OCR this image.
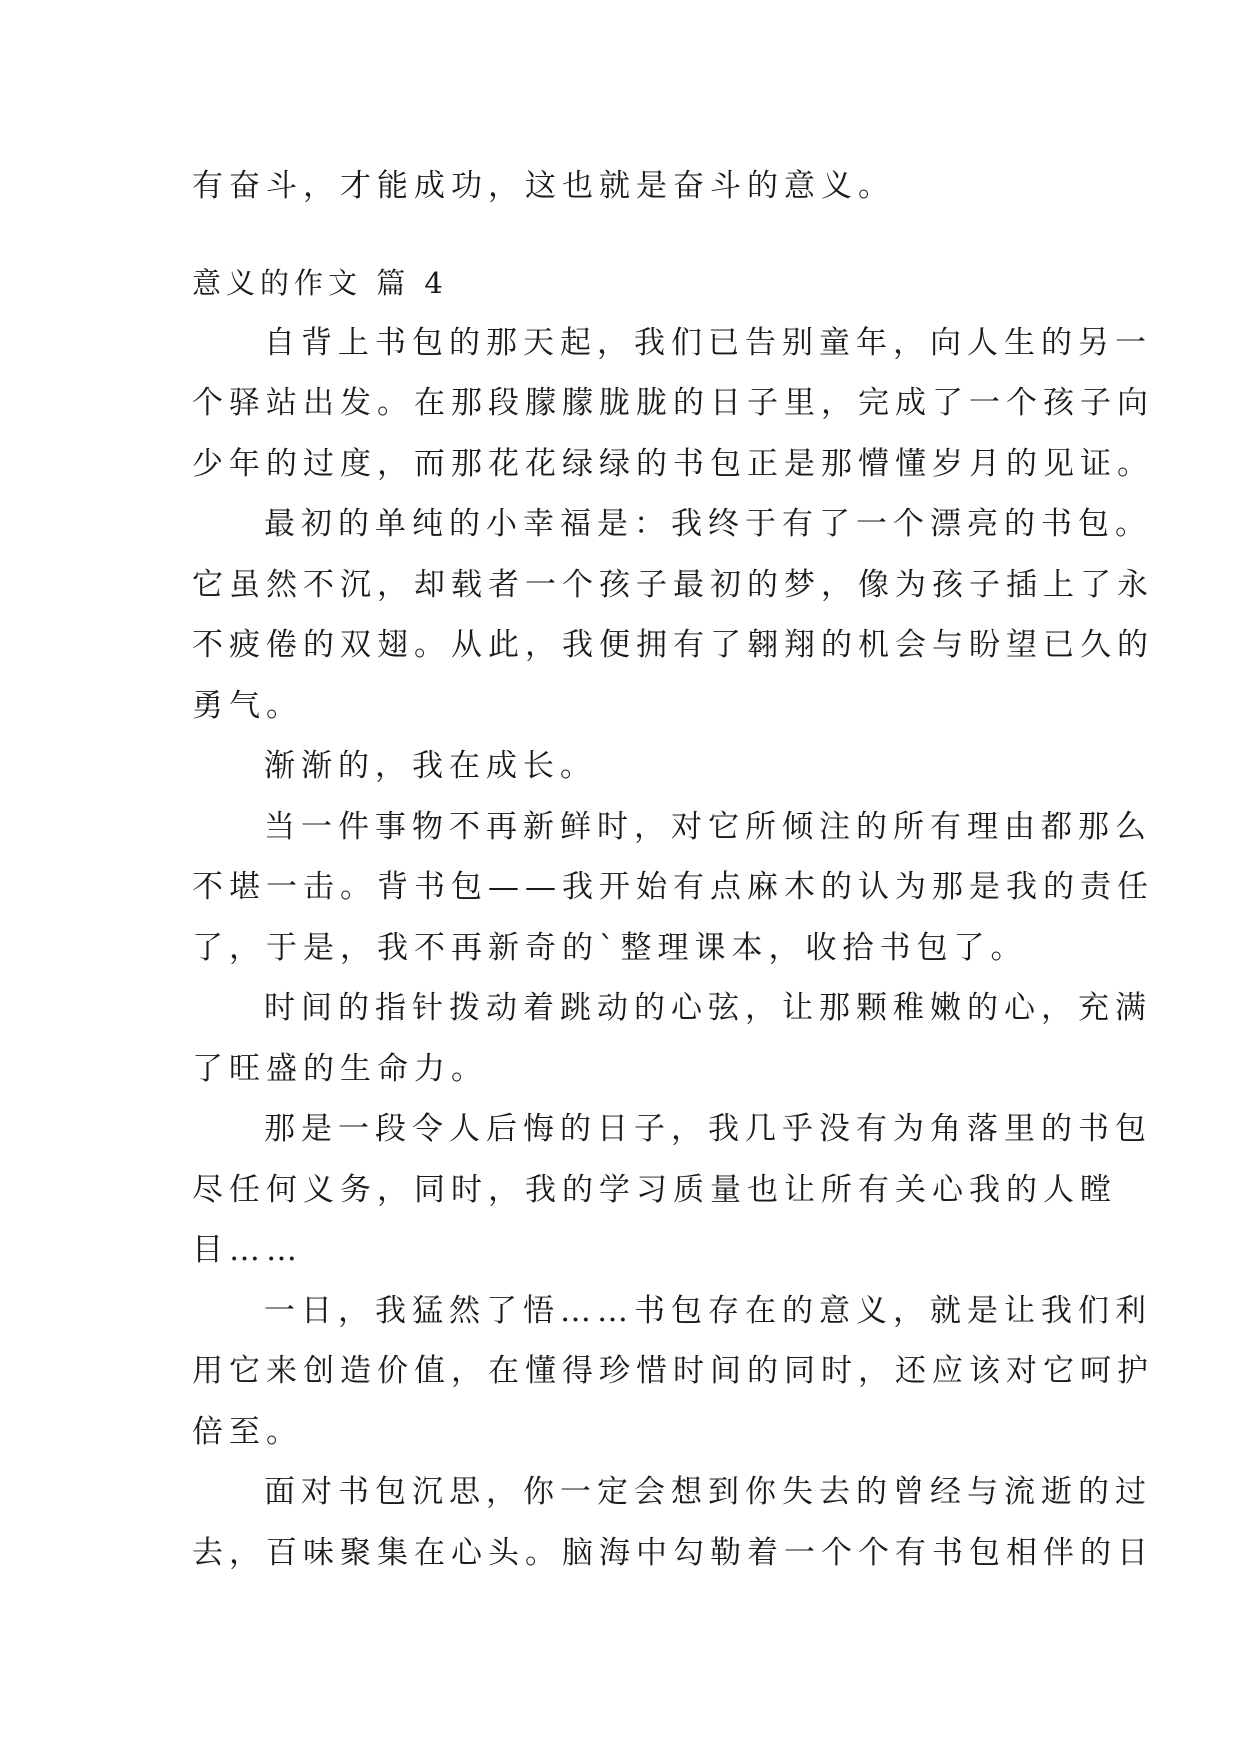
有奋斗，才能成功，这也就是奋斗的意义。

意义的作文 篇 4

自背上书包的那天起，我们已告别童年，向人生的另一

个驿站出发。在那段朦朦胧胧的日子里，完成了一个孩子向

少年的过度，而那花花绿绿的书包正是那懵懂岁月的见证。

最初的单纯的小幸福是：我终于有了一个漂亮的书包。

它虽然不沉，却载者一个孩子最初的梦，像为孩子插上了永

不疲倦的双翅。从此，我便拥有了翱翔的机会与盼望已久的

勇气。

渐渐的，我在成长。

当一件事物不再新鲜时，对它所倾注的所有理由都那么

不堪一击。背书包——我开始有点麻木的认为那是我的责任

了，于是，我不再新奇的`整理课本，收拾书包了。

时间的指针拨动着跳动的心弦，让那颗稚嫩的心，充满

了旺盛的生命力。

那是一段令人后悔的日子，我几乎没有为角落里的书包

尽任何义务，同时，我的学习质量也让所有关心我的人瞠

目……

一日，我猛然了悟……书包存在的意义，就是让我们利

用它来创造价值，在懂得珍惜时间的同时，还应该对它呵护

倍至。

面对书包沉思，你一定会想到你失去的曾经与流逝的过

去，百味聚集在心头。脑海中勾勒着一个个有书包相伴的日
